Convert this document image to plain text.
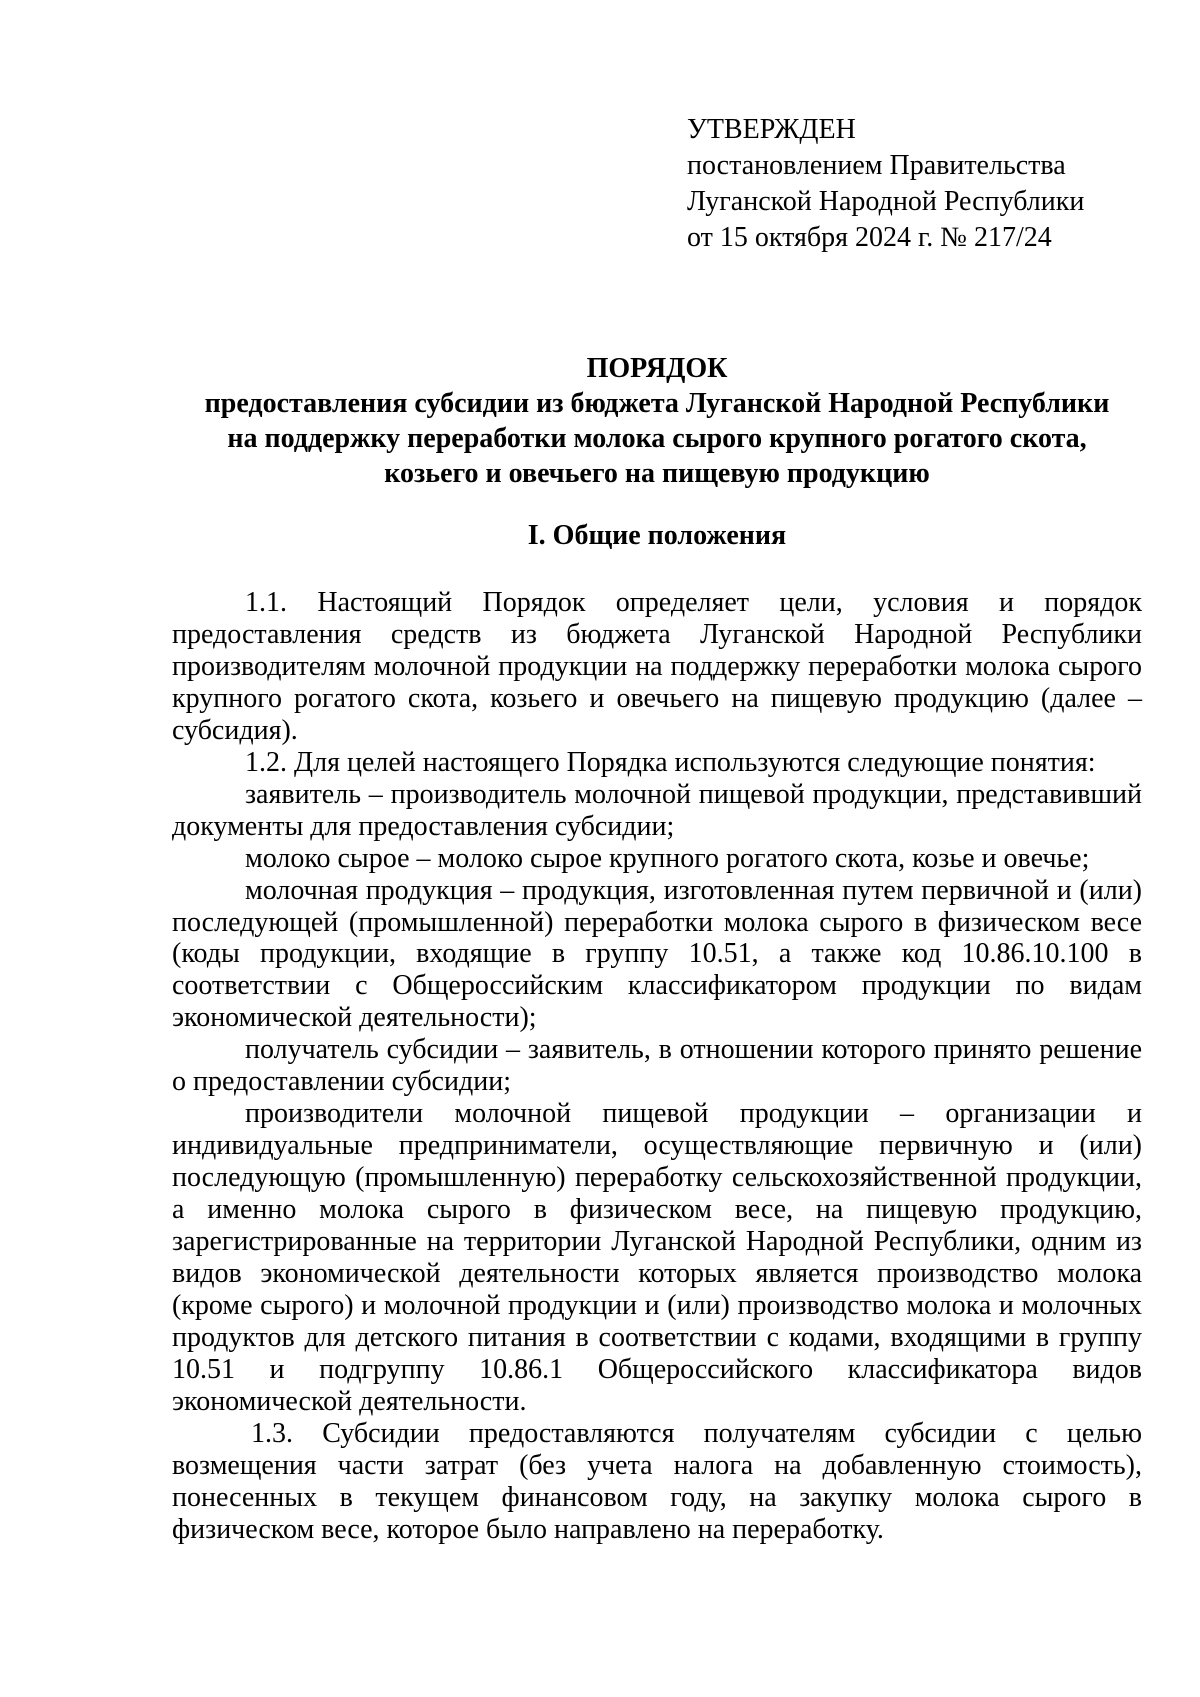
УТВЕРЖДЕН
постановлением Правительства
Луганской Народной Республики
от 15 октября 2024 г. № 217/24
ПОРЯДОК
предоставления субсидии из бюджета Луганской Народной Республики
на поддержку переработки молока сырого крупного рогатого скота,
козьего и овечьего на пищевую продукцию
I. Общие положения

1.1. Настоящий Порядок определяет цели, условия и порядок предоставления средств из бюджета Луганской Народной Республики производителям молочной продукции на поддержку переработки молока сырого крупного рогатого скота, козьего и овечьего на пищевую продукцию (далее – субсидия).

1.2. Для целей настоящего Порядка используются следующие понятия:

заявитель – производитель молочной пищевой продукции, представивший документы для предоставления субсидии;

молоко сырое – молоко сырое крупного рогатого скота, козье и овечье;

молочная продукция – продукция, изготовленная путем первичной и (или) последующей (промышленной) переработки молока сырого в физическом весе (коды продукции, входящие в группу 10.51, а также код 10.86.10.100 в соответствии с Общероссийским классификатором продукции по видам экономической деятельности);

получатель субсидии – заявитель, в отношении которого принято решение о предоставлении субсидии;

производители молочной пищевой продукции – организации и индивидуальные предприниматели, осуществляющие первичную и (или) последующую (промышленную) переработку сельскохозяйственной продукции, а именно молока сырого в физическом весе, на пищевую продукцию, зарегистрированные на территории Луганской Народной Республики, одним из видов экономической деятельности которых является производство молока (кроме сырого) и молочной продукции и (или) производство молока и молочных продуктов для детского питания в соответствии с кодами, входящими в группу 10.51 и подгруппу 10.86.1 Общероссийского классификатора видов экономической деятельности.

1.3. Субсидии предоставляются получателям субсидии с целью возмещения части затрат (без учета налога на добавленную стоимость), понесенных в текущем финансовом году, на закупку молока сырого в физическом весе, которое было направлено на переработку.
